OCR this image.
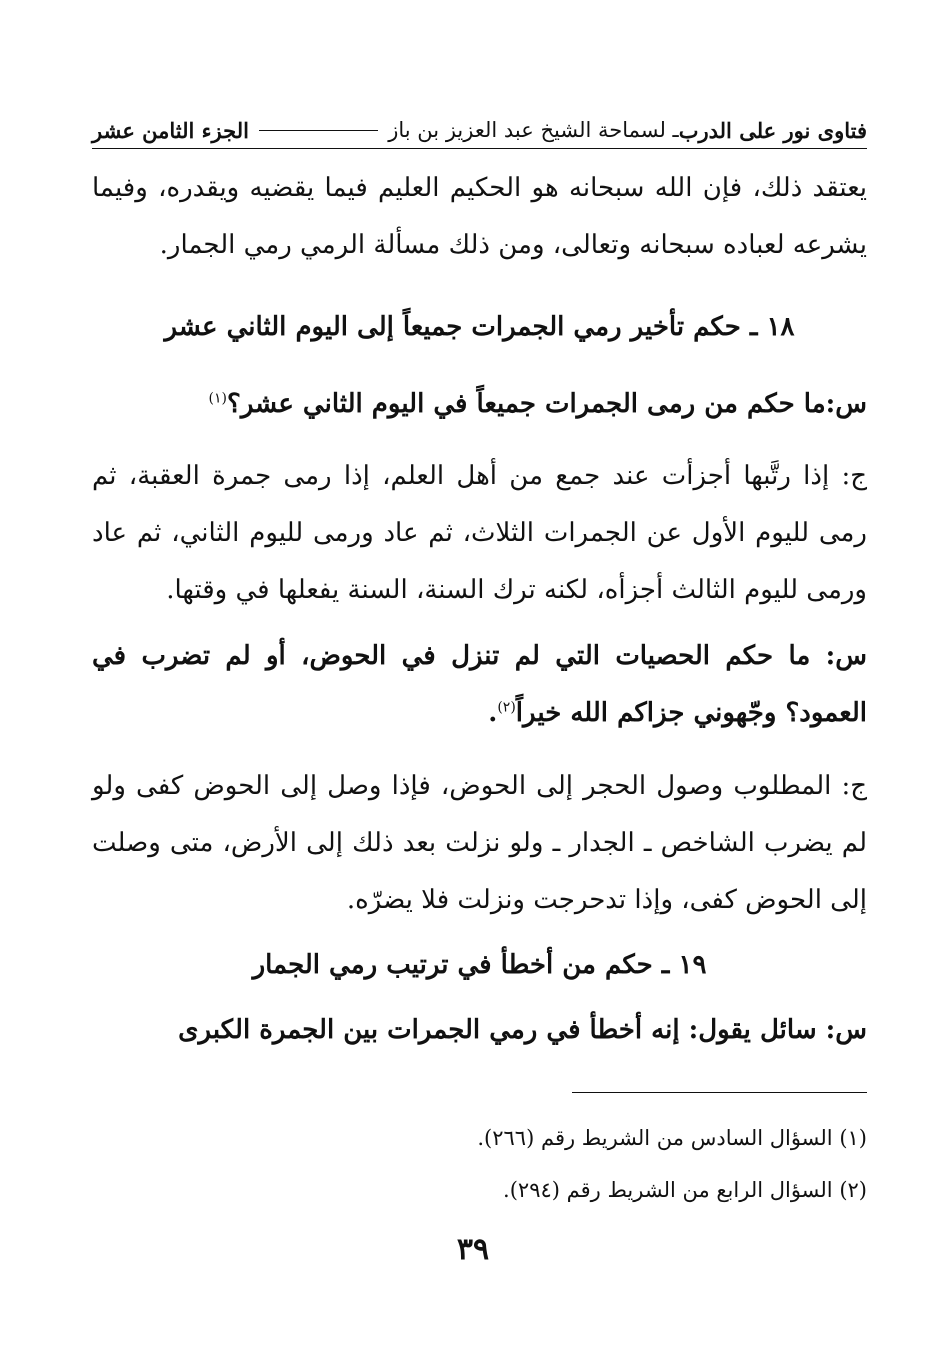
فتاوى نور على الدرب
ـ لسماحة الشيخ عبد العزيز بن باز
الجزء الثامن عشر

يعتقد ذلك، فإن الله سبحانه هو الحكيم العليم فيما يقضيه ويقدره، وفيما يشرعه لعباده سبحانه وتعالى، ومن ذلك مسألة الرمي رمي الجمار.

١٨ ـ حكم تأخير رمي الجمرات جميعاً إلى اليوم الثاني عشر

س:ما حكم من رمى الجمرات جميعاً في اليوم الثاني عشر؟$^{(١)}$

ج: إذا رتَّبها أجزأت عند جمع من أهل العلم، إذا رمى جمرة العقبة، ثم رمى لليوم الأول عن الجمرات الثلاث، ثم عاد ورمى لليوم الثاني، ثم عاد ورمى لليوم الثالث أجزأه، لكنه ترك السنة، السنة يفعلها في وقتها.

س: ما حكم الحصيات التي لم تنزل في الحوض، أو لم تضرب في العمود؟ وجّهوني جزاكم الله خيراً$^{(٢)}$.

ج: المطلوب وصول الحجر إلى الحوض، فإذا وصل إلى الحوض كفى ولو لم يضرب الشاخص ـ الجدار ـ ولو نزلت بعد ذلك إلى الأرض، متى وصلت إلى الحوض كفى، وإذا تدحرجت ونزلت فلا يضرّه.

١٩ ـ حكم من أخطأ في ترتيب رمي الجمار

س: سائل يقول: إنه أخطأ في رمي الجمرات بين الجمرة الكبرى

(١) السؤال السادس من الشريط رقم (٢٦٦).

(٢) السؤال الرابع من الشريط رقم (٢٩٤).

٣٩
